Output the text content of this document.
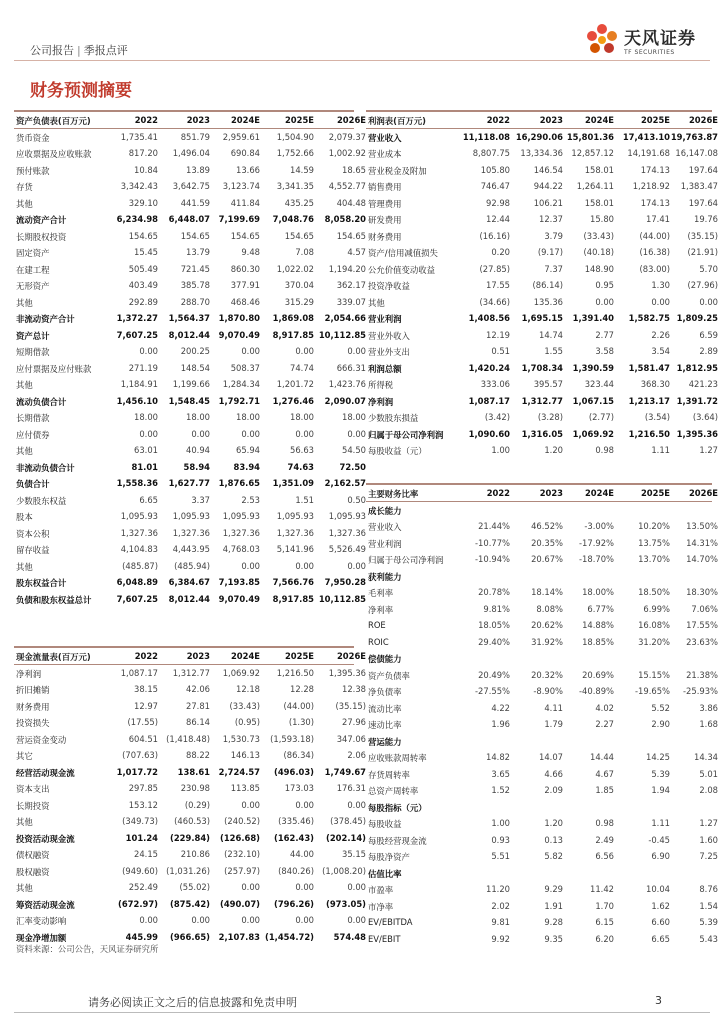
公司报告 | 季报点评
天风证券
TF SECURITIES
财务预测摘要
资产负债表(百万元)	2022	2023	2024E	2025E	2026E
货币资金	1,735.41	851.79	2,959.61	1,504.90	2,079.37
应收票据及应收账款	817.20	1,496.04	690.84	1,752.66	1,002.92
预付账款	10.84	13.89	13.66	14.59	18.65
存货	3,342.43	3,642.75	3,123.74	3,341.35	4,552.77
其他	329.10	441.59	411.84	435.25	404.48
流动资产合计	6,234.98	6,448.07	7,199.69	7,048.76	8,058.20
长期股权投资	154.65	154.65	154.65	154.65	154.65
固定资产	15.45	13.79	9.48	7.08	4.57
在建工程	505.49	721.45	860.30	1,022.02	1,194.20
无形资产	403.49	385.78	377.91	370.04	362.17
其他	292.89	288.70	468.46	315.29	339.07
非流动资产合计	1,372.27	1,564.37	1,870.80	1,869.08	2,054.66
资产总计	7,607.25	8,012.44	9,070.49	8,917.85 10,112.85
短期借款	0.00	200.25	0.00	0.00	0.00
应付票据及应付账款	271.19	148.54	508.37	74.74	666.31
其他	1,184.91	1,199.66	1,284.34	1,201.72	1,423.76
流动负债合计	1,456.10	1,548.45	1,792.71	1,276.46	2,090.07
长期借款	18.00	18.00	18.00	18.00	18.00
应付债券	0.00	0.00	0.00	0.00	0.00
其他	63.01	40.94	65.94	56.63	54.50
非流动负债合计	81.01	58.94	83.94	74.63	72.50
负债合计	1,558.36	1,627.77	1,876.65	1,351.09	2,162.57
少数股东权益	6.65	3.37	2.53	1.51	0.50
股本	1,095.93	1,095.93	1,095.93	1,095.93	1,095.93
资本公积	1,327.36	1,327.36	1,327.36	1,327.36	1,327.36
留存收益	4,104.83	4,443.95	4,768.03	5,141.96	5,526.49
其他	(485.87)	(485.94)	0.00	0.00	0.00
股东权益合计	6,048.89	6,384.67	7,193.85	7,566.76	7,950.28
负债和股东权益总计	7,607.25	8,012.44	9,070.49	8,917.85 10,112.85
利润表(百万元)	2022	2023	2024E	2025E	2026E
营业收入	11,118.08 16,290.06 15,801.36	17,413.10 19,763.87
营业成本	8,807.75	13,334.36 12,857.12	14,191.68 16,147.08
营业税金及附加	105.80	146.54	158.01	174.13	197.64
销售费用	746.47	944.22	1,264.11	1,218.92	1,383.47
管理费用	92.98	106.21	158.01	174.13	197.64
研发费用	12.44	12.37	15.80	17.41	19.76
财务费用	(16.16)	3.79	(33.43)	(44.00)	(35.15)
资产/信用减值损失	0.20	(9.17)	(40.18)	(16.38)	(21.91)
公允价值变动收益	(27.85)	7.37	148.90	(83.00)	5.70
投资净收益	17.55	(86.14)	0.95	1.30	(27.96)
其他	(34.66)	135.36	0.00	0.00	0.00
营业利润	1,408.56	1,695.15	1,391.40	1,582.75 1,809.25
营业外收入	12.19	14.74	2.77	2.26	6.59
营业外支出	0.51	1.55	3.58	3.54	2.89
利润总额	1,420.24	1,708.34	1,390.59	1,581.47 1,812.95
所得税	333.06	395.57	323.44	368.30	421.23
净利润	1,087.17	1,312.77	1,067.15	1,213.17 1,391.72
少数股东损益	(3.42)	(3.28)	(2.77)	(3.54)	(3.64)
归属于母公司净利润	1,090.60	1,316.05	1,069.92	1,216.50 1,395.36
每股收益（元）	1.00	1.20	0.98	1.11	1.27
主要财务比率	2022	2023	2024E	2025E	2026E
成长能力
营业收入	21.44%	46.52%	-3.00%	10.20%	13.50%
营业利润	-10.77%	20.35%	-17.92%	13.75%	14.31%
归属于母公司净利润	-10.94%	20.67%	-18.70%	13.70%	14.70%
获利能力
毛利率	20.78%	18.14%	18.00%	18.50%	18.30%
净利率	9.81%	8.08%	6.77%	6.99%	7.06%
ROE	18.05%	20.62%	14.88%	16.08%	17.55%
ROIC	29.40%	31.92%	18.85%	31.20%	23.63%
偿债能力
资产负债率	20.49%	20.32%	20.69%	15.15%	21.38%
净负债率	-27.55%	-8.90%	-40.89%	-19.65%	-25.93%
流动比率	4.22	4.11	4.02	5.52	3.86
速动比率	1.96	1.79	2.27	2.90	1.68
营运能力
应收账款周转率	14.82	14.07	14.44	14.25	14.34
存货周转率	3.65	4.66	4.67	5.39	5.01
总资产周转率	1.52	2.09	1.85	1.94	2.08
每股指标（元）
每股收益	1.00	1.20	0.98	1.11	1.27
每股经营现金流	0.93	0.13	2.49	-0.45	1.60
每股净资产	5.51	5.82	6.56	6.90	7.25
估值比率
市盈率	11.20	9.29	11.42	10.04	8.76
市净率	2.02	1.91	1.70	1.62	1.54
EV/EBITDA	9.81	9.28	6.15	6.60	5.39
EV/EBIT	9.92	9.35	6.20	6.65	5.43
现金流量表(百万元)	2022	2023	2024E	2025E	2026E
净利润	1,087.17	1,312.77	1,069.92	1,216.50	1,395.36
折旧摊销	38.15	42.06	12.18	12.28	12.38
财务费用	12.97	27.81	(33.43)	(44.00)	(35.15)
投资损失	(17.55)	86.14	(0.95)	(1.30)	27.96
营运资金变动	604.51 (1,418.48)	1,530.73	(1,593.18)	347.06
其它	(707.63)	88.22	146.13	(86.34)	2.06
经营活动现金流	1,017.72	138.61	2,724.57	(496.03)	1,749.67
资本支出	297.85	230.98	113.85	173.03	176.31
长期投资	153.12	(0.29)	0.00	0.00	0.00
其他	(349.73)	(460.53)	(240.52)	(335.46)	(378.45)
投资活动现金流	101.24	(229.84)	(126.68)	(162.43)	(202.14)
债权融资	24.15	210.86	(232.10)	44.00	35.15
股权融资	(949.60) (1,031.26)	(257.97)	(840.26) (1,008.20)
其他	252.49	(55.02)	0.00	0.00	0.00
筹资活动现金流	(672.97)	(875.42)	(490.07)	(796.26)	(973.05)
汇率变动影响	0.00	0.00	0.00	0.00	0.00
现金净增加额	445.99	(966.65)	2,107.83 (1,454.72)	574.48
资料来源：公司公告，天风证券研究所
请务必阅读正文之后的信息披露和免责申明	3
